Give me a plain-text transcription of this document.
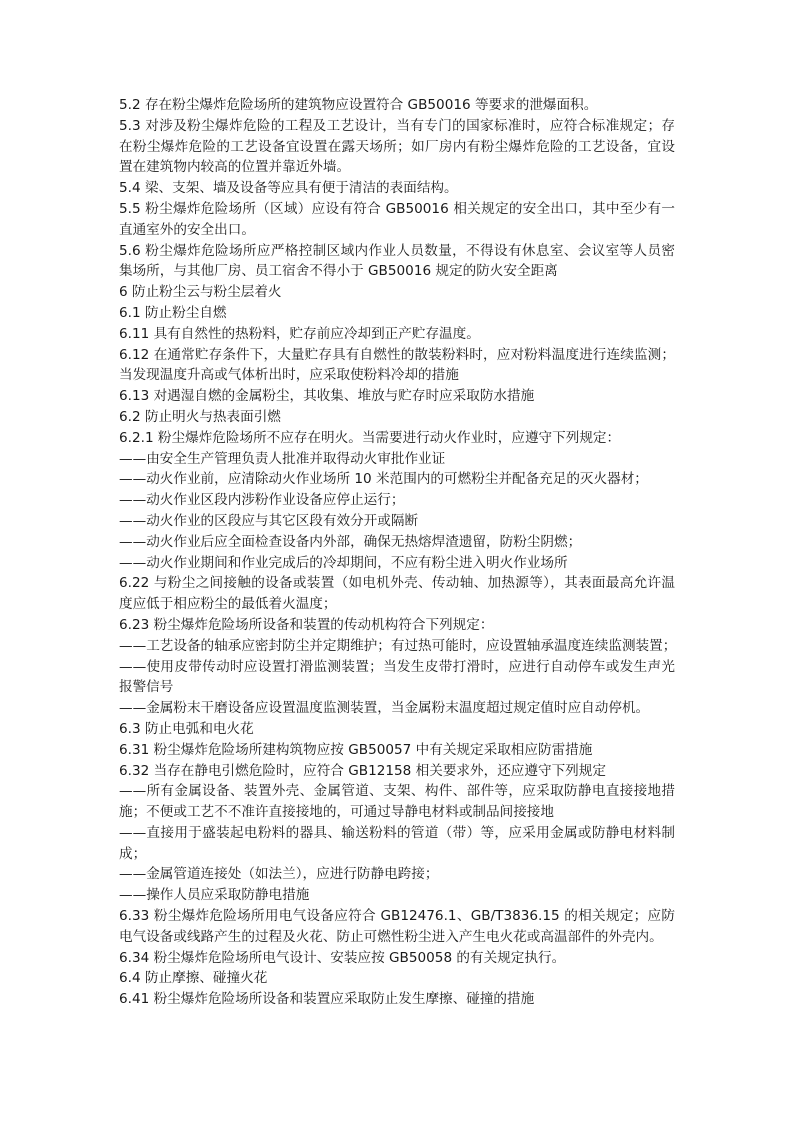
5.2 存在粉尘爆炸危险场所的建筑物应设置符合 GB50016 等要求的泄爆面积。
5.3 对涉及粉尘爆炸危险的工程及工艺设计，当有专门的国家标准时，应符合标准规定；存
在粉尘爆炸危险的工艺设备宜设置在露天场所；如厂房内有粉尘爆炸危险的工艺设备，宜设
置在建筑物内较高的位置并靠近外墙。
5.4 梁、支架、墙及设备等应具有便于清洁的表面结构。
5.5 粉尘爆炸危险场所（区域）应设有符合 GB50016 相关规定的安全出口，其中至少有一
直通室外的安全出口。
5.6 粉尘爆炸危险场所应严格控制区域内作业人员数量，不得设有休息室、会议室等人员密
集场所，与其他厂房、员工宿舍不得小于 GB50016 规定的防火安全距离
6 防止粉尘云与粉尘层着火
6.1 防止粉尘自燃
6.11 具有自然性的热粉料，贮存前应冷却到正产贮存温度。
6.12 在通常贮存条件下，大量贮存具有自燃性的散装粉料时，应对粉料温度进行连续监测；
当发现温度升高或气体析出时，应采取使粉料冷却的措施
6.13 对遇湿自燃的金属粉尘，其收集、堆放与贮存时应采取防水措施
6.2 防止明火与热表面引燃
6.2.1 粉尘爆炸危险场所不应存在明火。当需要进行动火作业时，应遵守下列规定：
——由安全生产管理负责人批准并取得动火审批作业证
——动火作业前，应清除动火作业场所 10 米范围内的可燃粉尘并配备充足的灭火器材；
——动火作业区段内涉粉作业设备应停止运行；
——动火作业的区段应与其它区段有效分开或隔断
——动火作业后应全面检查设备内外部，确保无热熔焊渣遗留，防粉尘阴燃；
——动火作业期间和作业完成后的冷却期间，不应有粉尘进入明火作业场所
6.22 与粉尘之间接触的设备或装置（如电机外壳、传动轴、加热源等），其表面最高允许温
度应低于相应粉尘的最低着火温度；
6.23 粉尘爆炸危险场所设备和装置的传动机构符合下列规定：
——工艺设备的轴承应密封防尘并定期维护；有过热可能时，应设置轴承温度连续监测装置；
——使用皮带传动时应设置打滑监测装置；当发生皮带打滑时，应进行自动停车或发生声光
报警信号
——金属粉末干磨设备应设置温度监测装置，当金属粉末温度超过规定值时应自动停机。
6.3 防止电弧和电火花
6.31 粉尘爆炸危险场所建构筑物应按 GB50057 中有关规定采取相应防雷措施
6.32 当存在静电引燃危险时，应符合 GB12158 相关要求外，还应遵守下列规定
——所有金属设备、装置外壳、金属管道、支架、构件、部件等，应采取防静电直接接地措
施；不便或工艺不不准许直接接地的，可通过导静电材料或制品间接接地
——直接用于盛装起电粉料的器具、输送粉料的管道（带）等，应采用金属或防静电材料制
成；
——金属管道连接处（如法兰），应进行防静电跨接；
——操作人员应采取防静电措施
6.33 粉尘爆炸危险场所用电气设备应符合 GB12476.1、GB/T3836.15 的相关规定；应防
电气设备或线路产生的过程及火花、防止可燃性粉尘进入产生电火花或高温部件的外壳内。
6.34 粉尘爆炸危险场所电气设计、安装应按 GB50058 的有关规定执行。
6.4 防止摩擦、碰撞火花
6.41 粉尘爆炸危险场所设备和装置应采取防止发生摩擦、碰撞的措施
